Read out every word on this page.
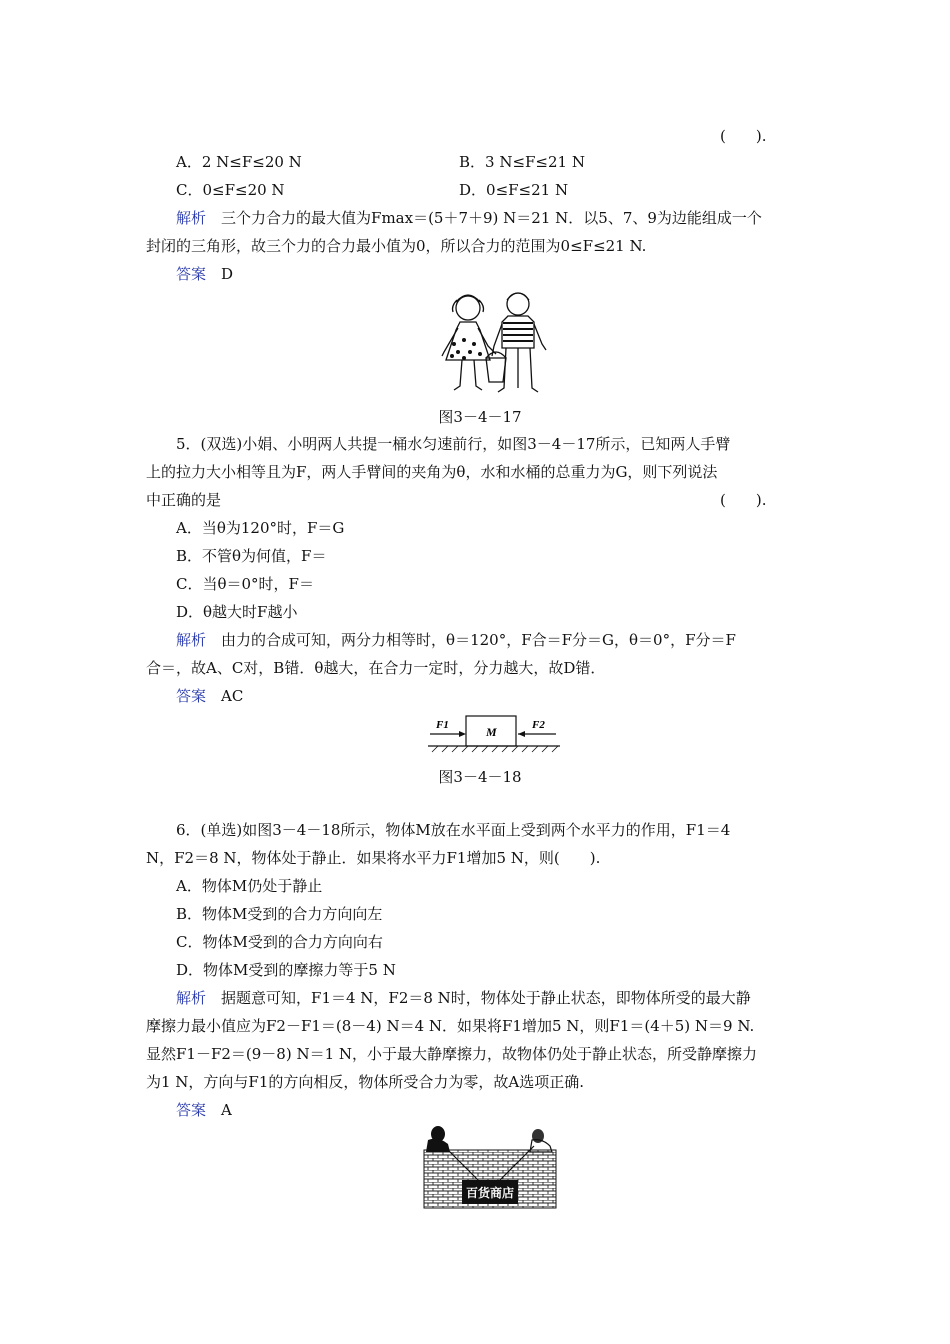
(　　).
A．2 N≤F≤20 N	B．3 N≤F≤21 N
C．0≤F≤20 N	D．0≤F≤21 N
解析　 三个力合力的最大值为Fmax＝(5＋7＋9) N＝21 N．以5、7、9为边能组成一个
封闭的三角形，故三个力的合力最小值为0，所以合力的范围为0≤F≤21 N.
答案　 D
图3－4－17
5．(双选)小娟、小明两人共提一桶水匀速前行，如图3－4－17所示，已知两人手臂
上的拉力大小相等且为F，两人手臂间的夹角为θ，水和水桶的总重力为G，则下列说法
中正确的是	(　　).
A．当θ为120°时，F＝G
B．不管θ为何值，F＝
C．当θ＝0°时，F＝
D．θ越大时F越小
解析　 由力的合成可知，两分力相等时，θ＝120°，F合＝F分＝G，θ＝0°，F分＝F
合＝，故A、C对，B错．θ越大，在合力一定时，分力越大，故D错．
答案　 AC
F1	F2
M
图3－4－18
6．(单选)如图3－4－18所示，物体M放在水平面上受到两个水平力的作用，F1＝4
N，F2＝8 N，物体处于静止．如果将水平力F1增加5 N，则(　　).
A．物体M仍处于静止
B．物体M受到的合力方向向左
C．物体M受到的合力方向向右
D．物体M受到的摩擦力等于5 N
解析　 据题意可知，F1＝4 N，F2＝8 N时，物体处于静止状态，即物体所受的最大静
摩擦力最小值应为F2－F1＝(8－4) N＝4 N．如果将F1增加5 N，则F1＝(4＋5) N＝9 N.
显然F1－F2＝(9－8) N＝1 N，小于最大静摩擦力，故物体仍处于静止状态，所受静摩擦力
为1 N，方向与F1的方向相反，物体所受合力为零，故A选项正确.
答案　 A
百货商店
